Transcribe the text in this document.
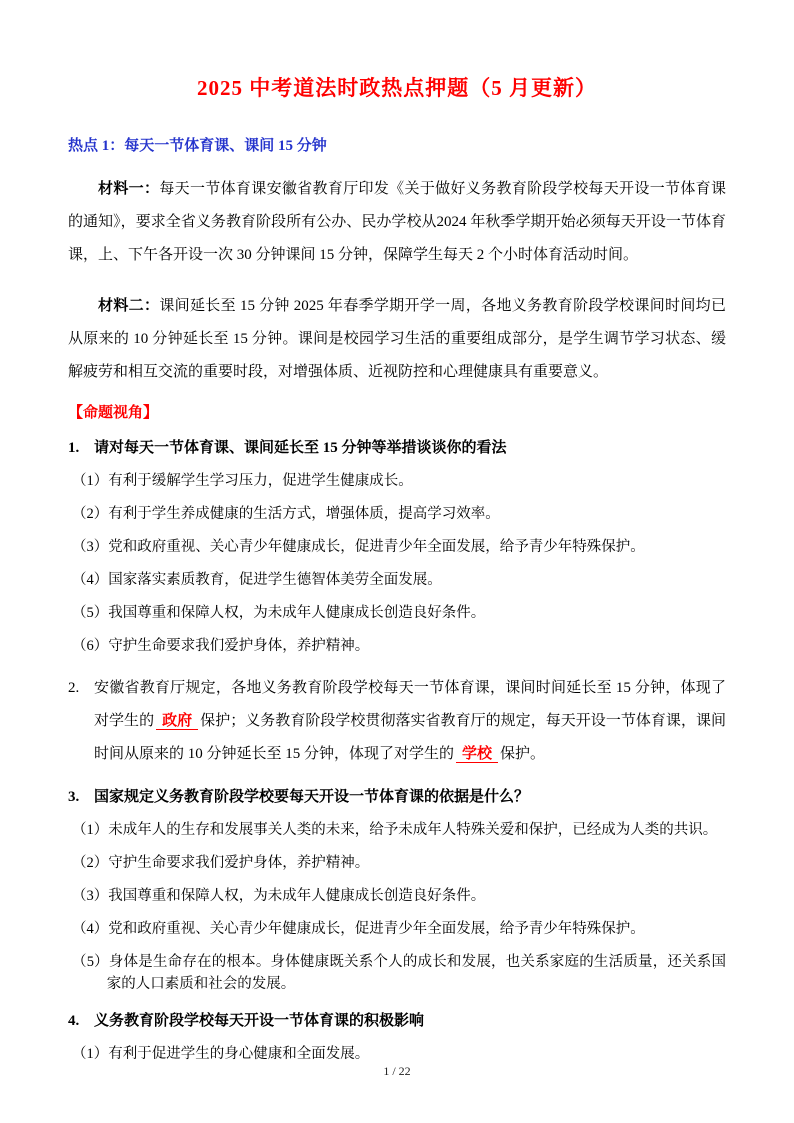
2025 中考道法时政热点押题（5 月更新）
热点 1：每天一节体育课、课间 15 分钟

材料一：每天一节体育课安徽省教育厅印发《关于做好义务教育阶段学校每天开设一节体育课的通知》，要求全省义务教育阶段所有公办、民办学校从2024 年秋季学期开始必须每天开设一节体育课，上、下午各开设一次 30 分钟课间 15 分钟，保障学生每天 2 个小时体育活动时间。

材料二：课间延长至 15 分钟 2025 年春季学期开学一周，各地义务教育阶段学校课间时间均已从原来的 10 分钟延长至 15 分钟。课间是校园学习生活的重要组成部分，是学生调节学习状态、缓解疲劳和相互交流的重要时段，对增强体质、近视防控和心理健康具有重要意义。

【命题视角】
1. 请对每天一节体育课、课间延长至 15 分钟等举措谈谈你的看法

（1）有利于缓解学生学习压力，促进学生健康成长。

（2）有利于学生养成健康的生活方式，增强体质，提高学习效率。

（3）党和政府重视、关心青少年健康成长，促进青少年全面发展，给予青少年特殊保护。

（4）国家落实素质教育，促进学生德智体美劳全面发展。

（5）我国尊重和保障人权，为未成年人健康成长创造良好条件。

（6）守护生命要求我们爱护身体，养护精神。

2. 安徽省教育厅规定，各地义务教育阶段学校每天一节体育课，课间时间延长至 15 分钟，体现了对学生的 政府 保护；义务教育阶段学校贯彻落实省教育厅的规定，每天开设一节体育课，课间时间从原来的 10 分钟延长至 15 分钟，体现了对学生的 学校 保护。
3. 国家规定义务教育阶段学校要每天开设一节体育课的依据是什么？

（1）未成年人的生存和发展事关人类的未来，给予未成年人特殊关爱和保护，已经成为人类的共识。

（2）守护生命要求我们爱护身体，养护精神。

（3）我国尊重和保障人权，为未成年人健康成长创造良好条件。

（4）党和政府重视、关心青少年健康成长，促进青少年全面发展，给予青少年特殊保护。

（5）身体是生命存在的根本。身体健康既关系个人的成长和发展，也关系家庭的生活质量，还关系国家的人口素质和社会的发展。

4. 义务教育阶段学校每天开设一节体育课的积极影响

（1）有利于促进学生的身心健康和全面发展。

1 / 22
